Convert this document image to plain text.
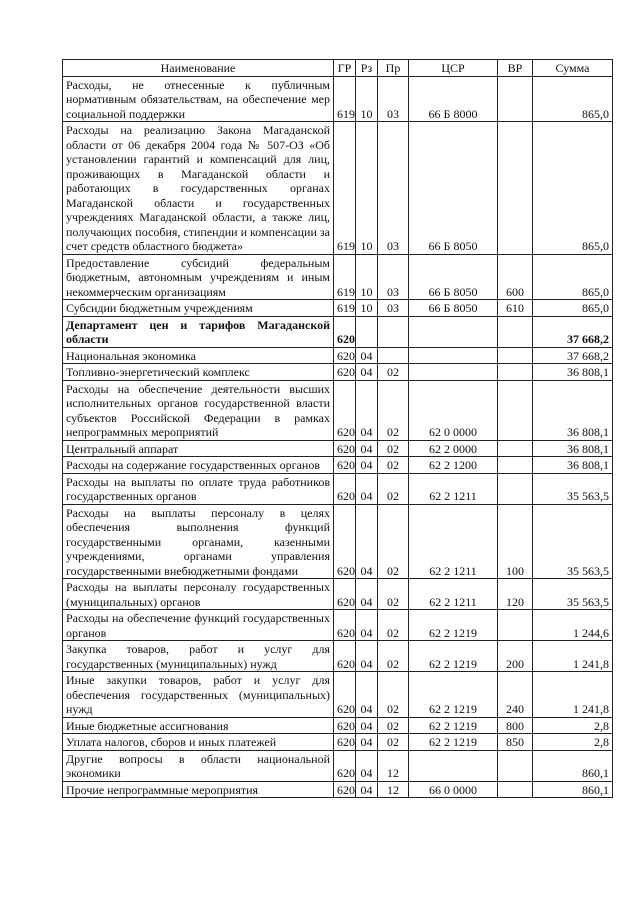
Наименование	ГР	Рз	Пр	ЦСР	ВР	Сумма
Расходы, не отнесенные к публичным нормативным обязательствам, на обеспечение мер социальной поддержки	619	10	03	66 Б 8000		865,0
Расходы на реализацию Закона Магаданской области от 06 декабря 2004 года № 507-ОЗ «Об установлении гарантий и компенсаций для лиц, проживающих в Магаданской области и работающих в государственных органах Магаданской области и государственных учреждениях Магаданской области, а также лиц, получающих пособия, стипендии и компенсации за счет средств областного бюджета»	619	10	03	66 Б 8050		865,0
Предоставление субсидий федеральным бюджетным, автономным учреждениям и иным некоммерческим организациям	619	10	03	66 Б 8050	600	865,0
Субсидии бюджетным учреждениям	619	10	03	66 Б 8050	610	865,0
Департамент цен и тарифов Магаданской области	620					37 668,2
Национальная экономика	620	04				37 668,2
Топливно-энергетический комплекс	620	04	02			36 808,1
Расходы на обеспечение деятельности высших исполнительных органов государственной власти субъектов Российской Федерации в рамках непрограммных мероприятий	620	04	02	62 0 0000		36 808,1
Центральный аппарат	620	04	02	62 2 0000		36 808,1
Расходы на содержание государственных органов	620	04	02	62 2 1200		36 808,1
Расходы на выплаты по оплате труда работников государственных органов	620	04	02	62 2 1211		35 563,5
Расходы на выплаты персоналу в целях обеспечения выполнения функций государственными органами, казенными учреждениями, органами управления государственными внебюджетными фондами	620	04	02	62 2 1211	100	35 563,5
Расходы на выплаты персоналу государственных (муниципальных) органов	620	04	02	62 2 1211	120	35 563,5
Расходы на обеспечение функций государственных органов	620	04	02	62 2 1219		1 244,6
Закупка товаров, работ и услуг для государственных (муниципальных) нужд	620	04	02	62 2 1219	200	1 241,8
Иные закупки товаров, работ и услуг для обеспечения государственных (муниципальных) нужд	620	04	02	62 2 1219	240	1 241,8
Иные бюджетные ассигнования	620	04	02	62 2 1219	800	2,8
Уплата налогов, сборов и иных платежей	620	04	02	62 2 1219	850	2,8
Другие вопросы в области национальной экономики	620	04	12			860,1
Прочие непрограммные мероприятия	620	04	12	66 0 0000		860,1
